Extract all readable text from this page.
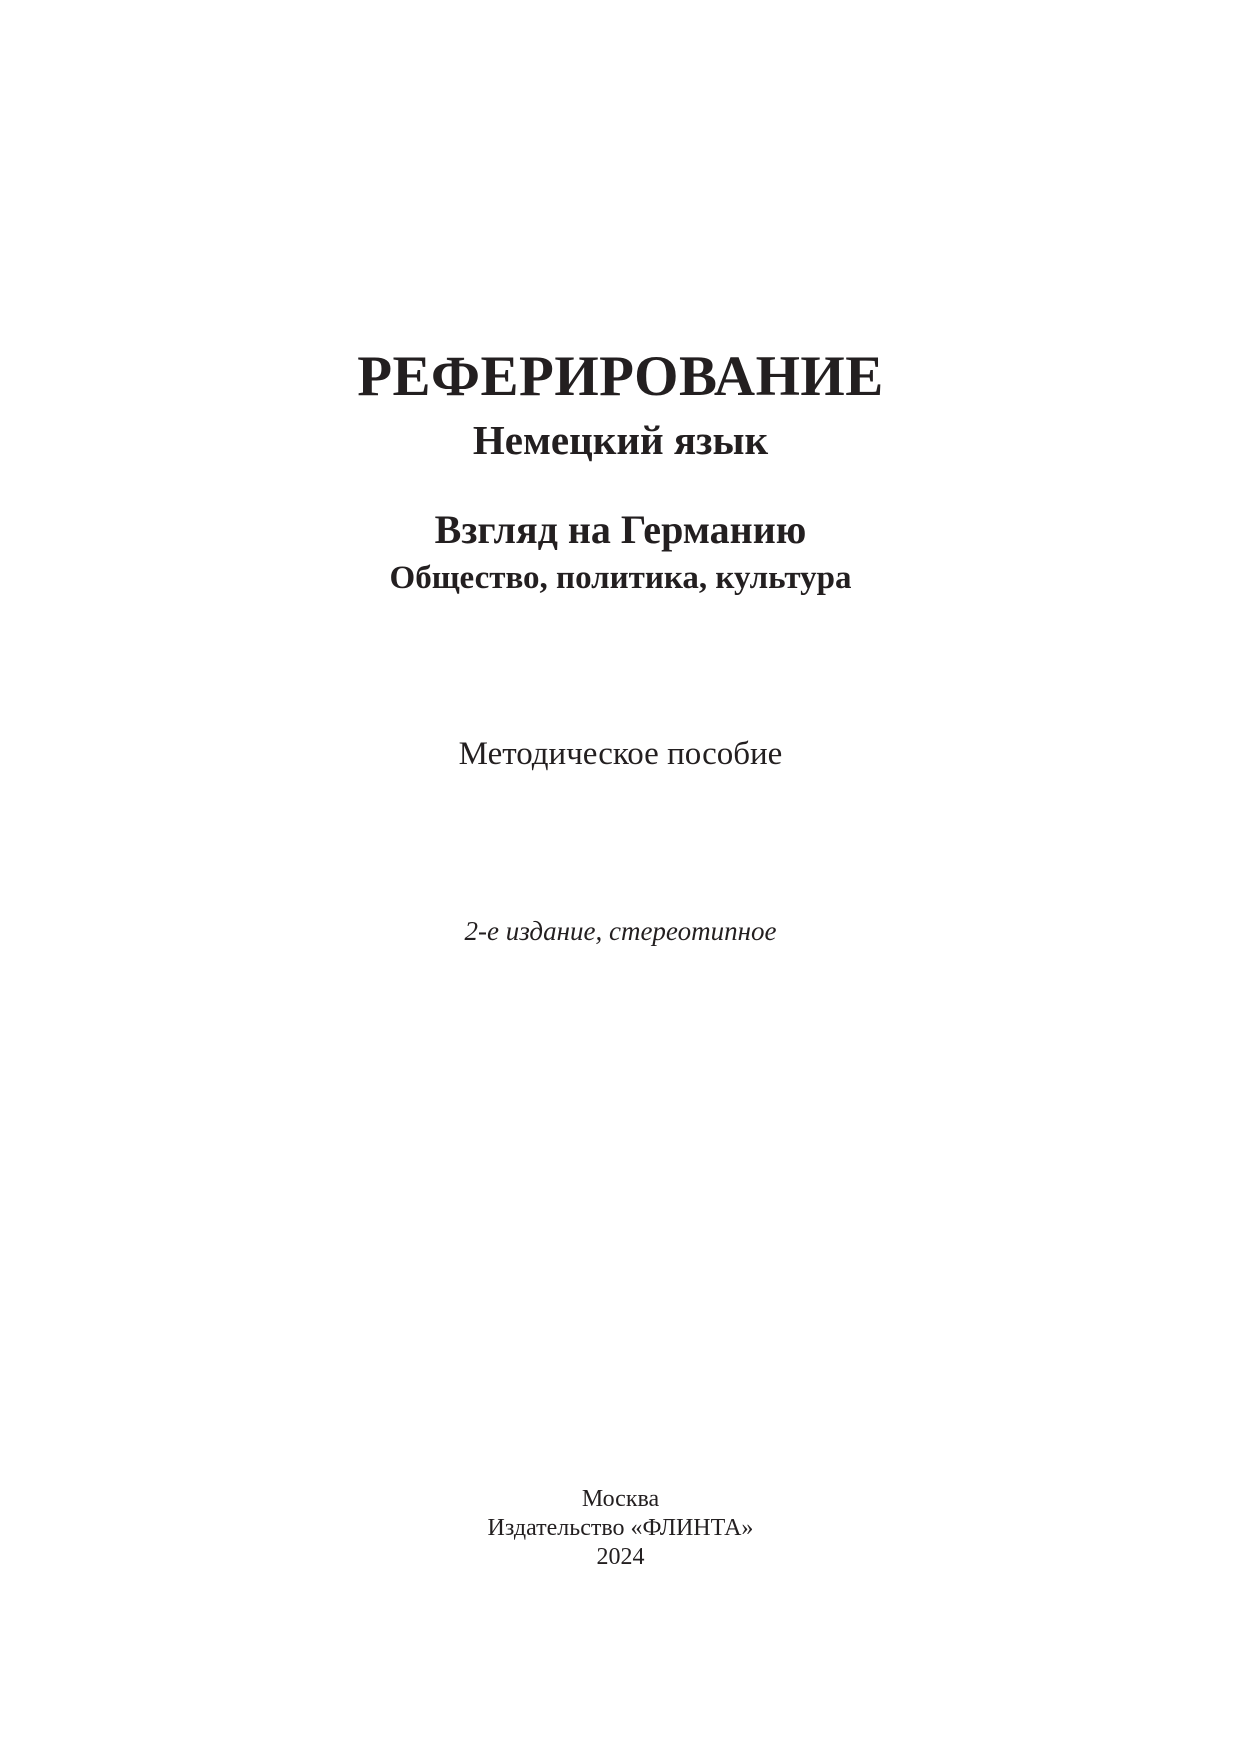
РЕФЕРИРОВАНИЕ
Немецкий язык
Взгляд на Германию
Общество, политика, культура

Методическое пособие

2-е издание, стереотипное

Москва

Издательство «ФЛИНТА»

2024
